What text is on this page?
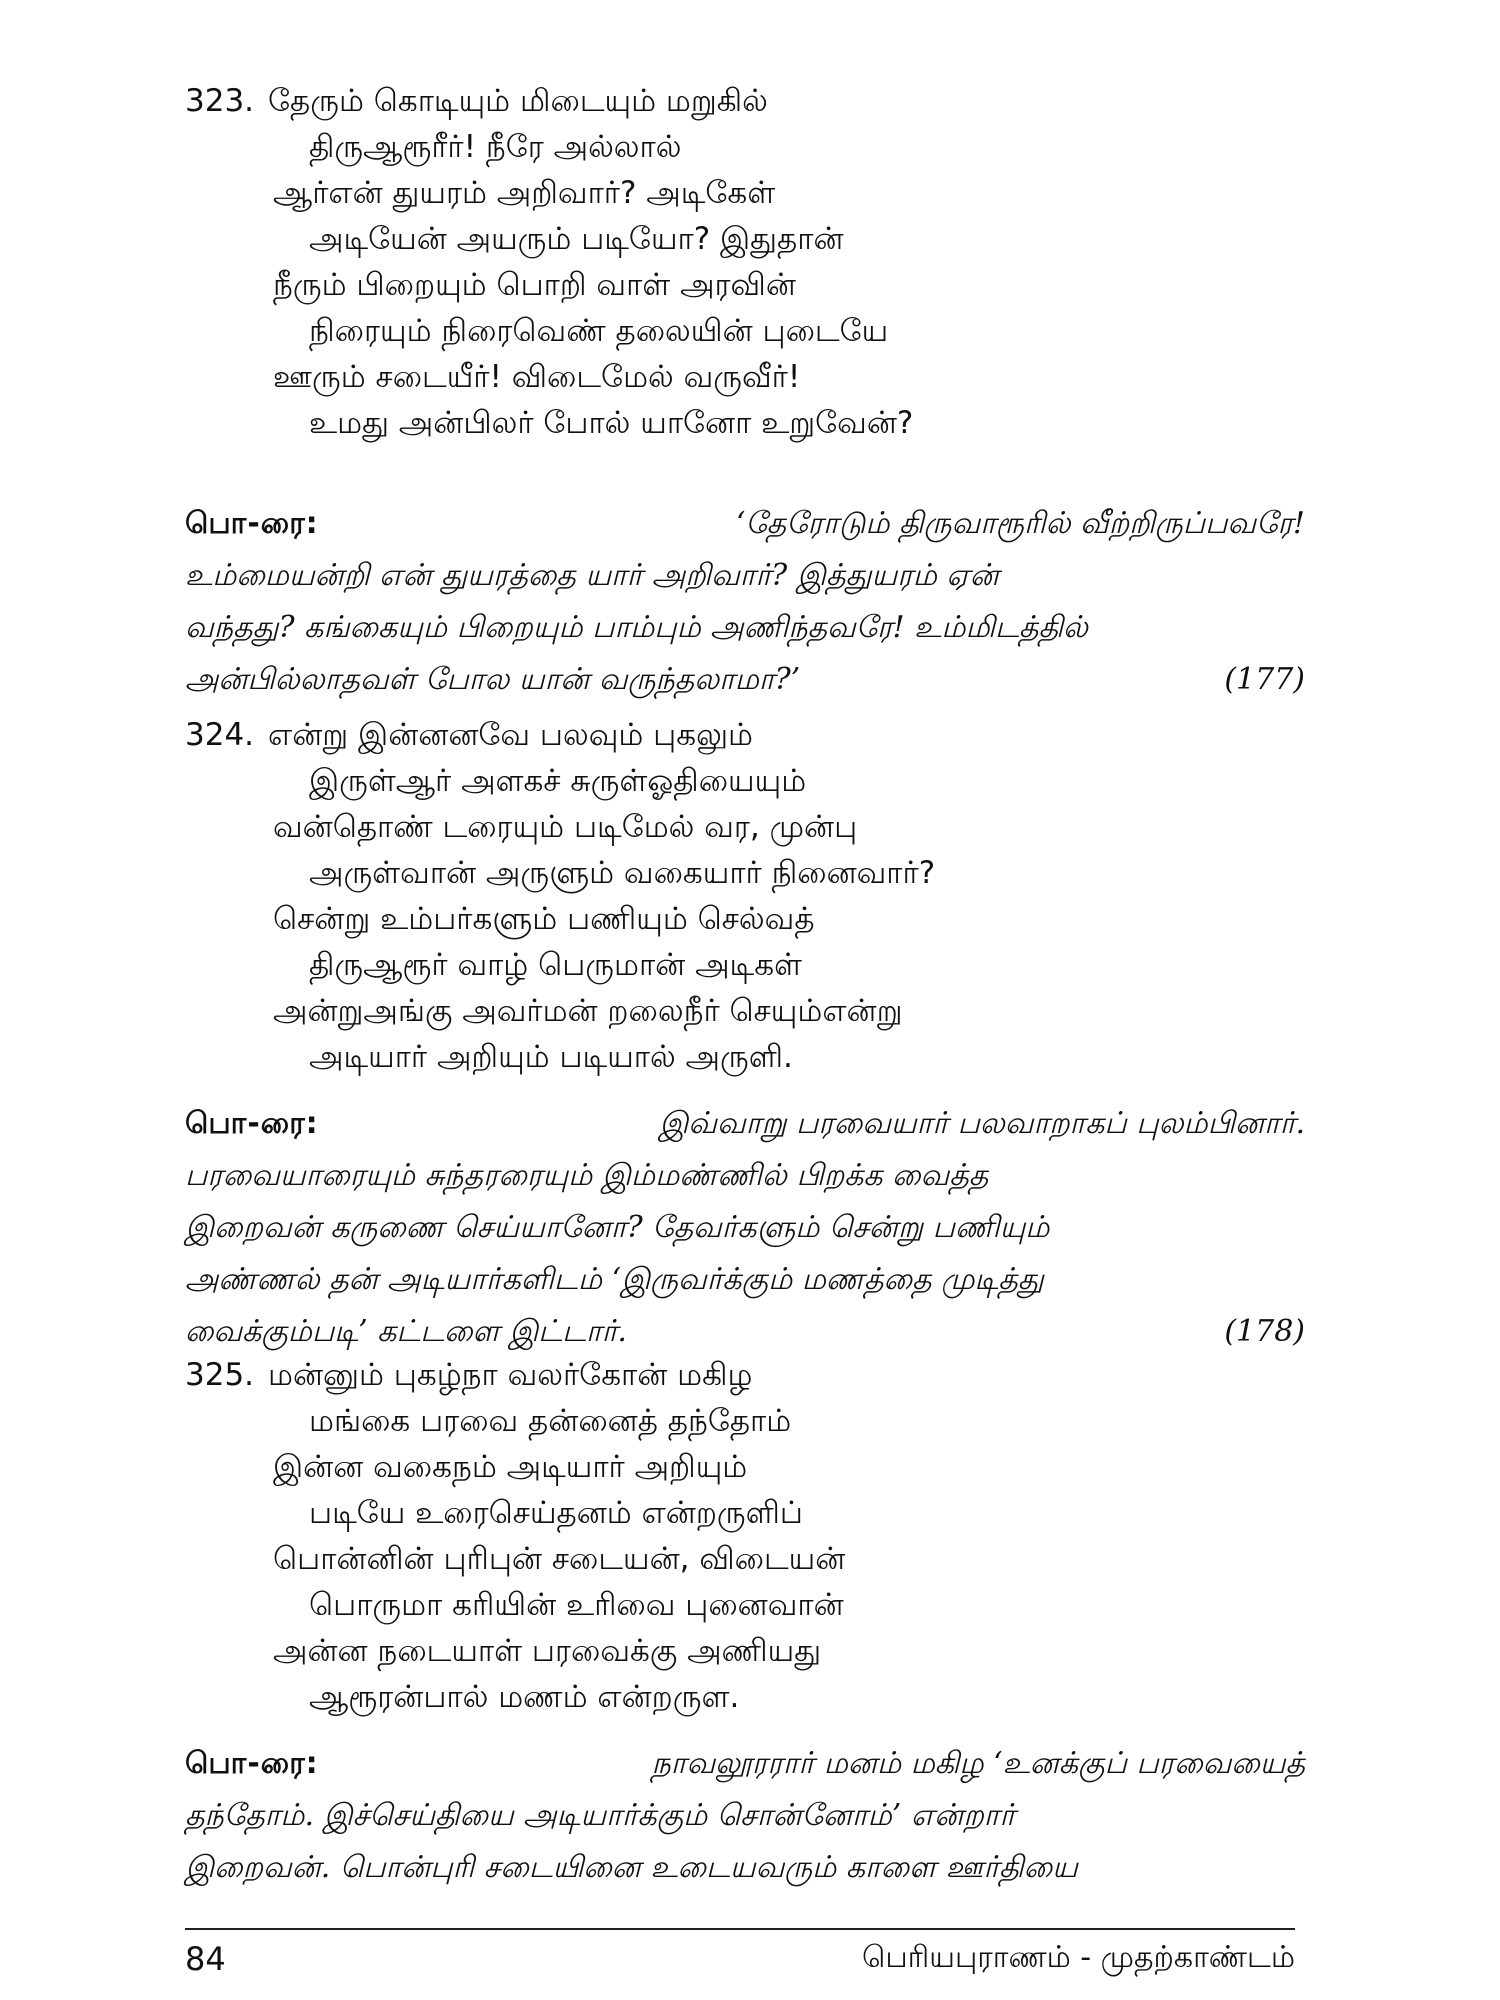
323. தேரும் கொடியும் மிடையும் மறுகில்
திருஆரூரீர்! நீரே அல்லால்
ஆர்என் துயரம் அறிவார்? அடிகேள்
அடியேன் அயரும் படியோ? இதுதான்
நீரும் பிறையும் பொறி வாள் அரவின்
நிரையும் நிரைவெண் தலையின் புடையே
ஊரும் சடையீர்! விடைமேல் வருவீர்!
உமது அன்பிலர் போல் யானோ உறுவேன்?
பொ-ரை:	‘தேரோடும் திருவாரூரில் வீற்றிருப்பவரே!
உம்மையன்றி என் துயரத்தை யார் அறிவார்? இத்துயரம் ஏன்
வந்தது? கங்கையும் பிறையும் பாம்பும் அணிந்தவரே! உம்மிடத்தில்
அன்பில்லாதவள் போல யான் வருந்தலாமா?’	(177)
324. என்று இன்னனவே பலவும் புகலும்
இருள்ஆர் அளகச் சுருள்ஓதியையும்
வன்தொண் டரையும் படிமேல் வர, முன்பு
அருள்வான் அருளும் வகையார் நினைவார்?
சென்று உம்பர்களும் பணியும் செல்வத்
திருஆரூர் வாழ் பெருமான் அடிகள்
அன்றுஅங்கு அவர்மன் றலைநீர் செயும்என்று
அடியார் அறியும் படியால் அருளி.
பொ-ரை:	இவ்வாறு பரவையார் பலவாறாகப் புலம்பினார்.
பரவையாரையும் சுந்தரரையும் இம்மண்ணில் பிறக்க வைத்த
இறைவன் கருணை செய்யானோ? தேவர்களும் சென்று பணியும்
அண்ணல் தன் அடியார்களிடம் ‘இருவர்க்கும் மணத்தை முடித்து
வைக்கும்படி’ கட்டளை இட்டார்.	(178)
325. மன்னும் புகழ்நா வலர்கோன் மகிழ
மங்கை பரவை தன்னைத் தந்தோம்
இன்ன வகைநம் அடியார் அறியும்
படியே உரைசெய்தனம் என்றருளிப்
பொன்னின் புரிபுன் சடையன், விடையன்
பொருமா கரியின் உரிவை புனைவான்
அன்ன நடையாள் பரவைக்கு அணியது
ஆரூரன்பால் மணம் என்றருள.
பொ-ரை:	நாவலூரரார் மனம் மகிழ ‘உனக்குப் பரவையைத்
தந்தோம். இச்செய்தியை அடியார்க்கும் சொன்னோம்’ என்றார்
இறைவன். பொன்புரி சடையினை உடையவரும் காளை ஊர்தியை
84	பெரியபுராணம் - முதற்காண்டம்
